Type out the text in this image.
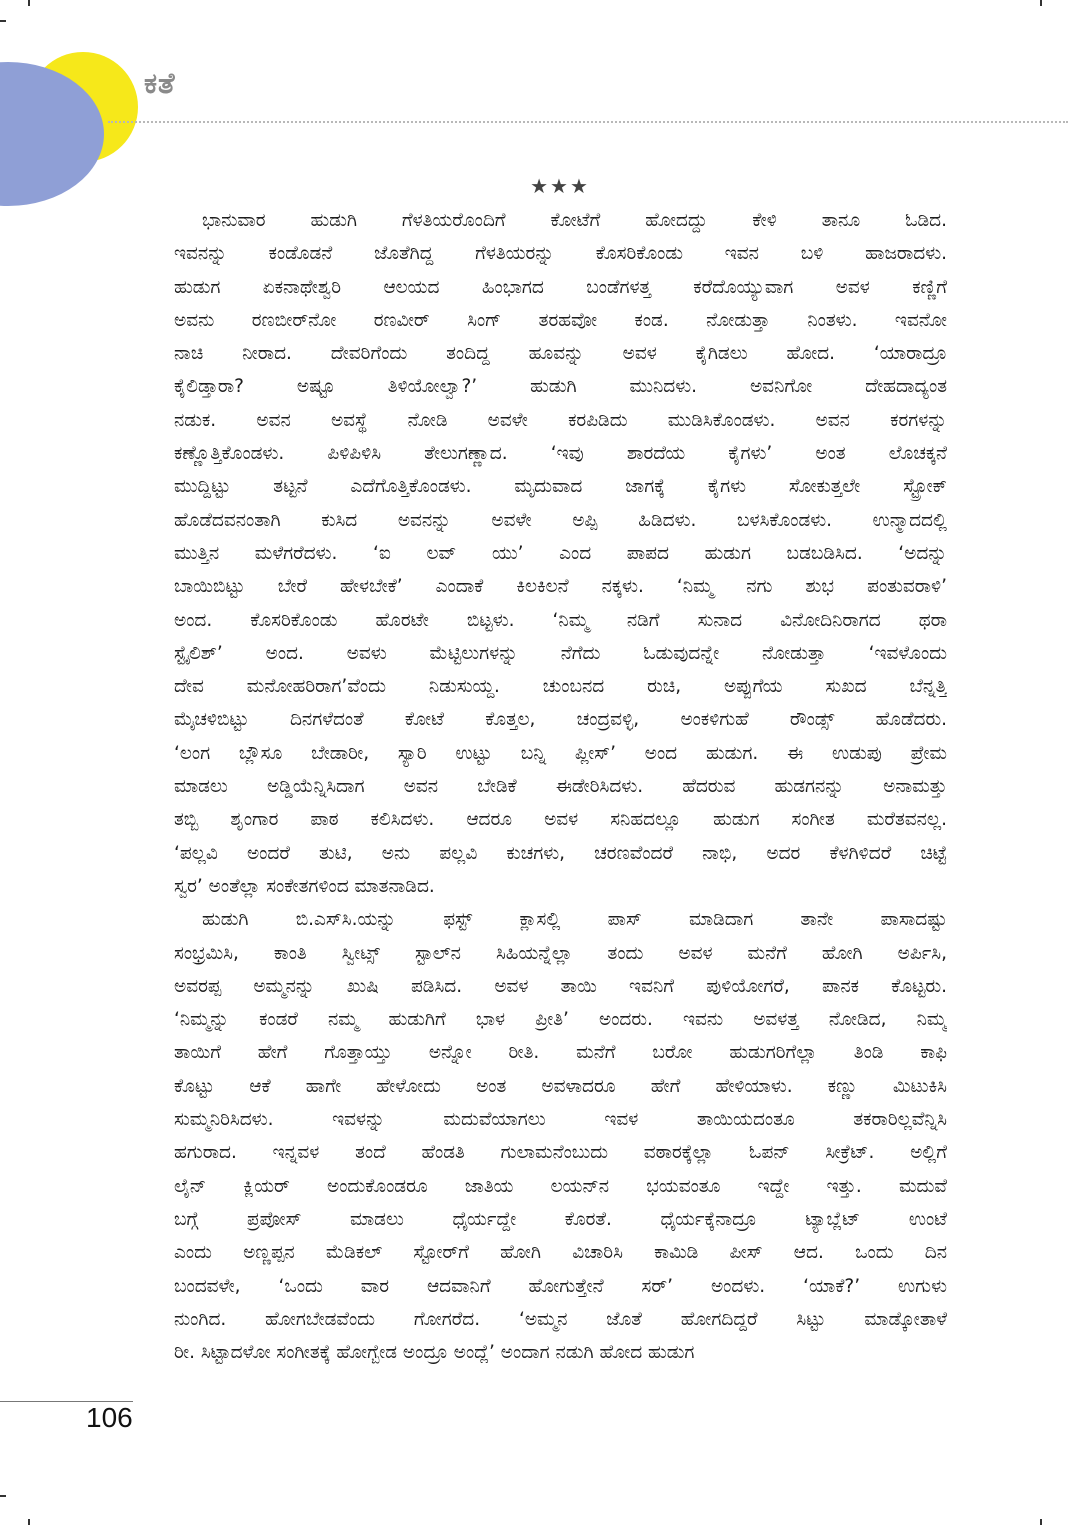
ಕತೆ
★★★
ಭಾನುವಾರ ಹುಡುಗಿ ಗೆಳತಿಯರೊಂದಿಗೆ ಕೋಟೆಗೆ ಹೋದದ್ದು ಕೇಳಿ ತಾನೂ ಓಡಿದ.
ಇವನನ್ನು ಕಂಡೊಡನೆ ಜೊತೆಗಿದ್ದ ಗೆಳತಿಯರನ್ನು ಕೊಸರಿಕೊಂಡು ಇವನ ಬಳಿ ಹಾಜರಾದಳು.
ಹುಡುಗ ಏಕನಾಥೇಶ್ವರಿ ಆಲಯದ ಹಿಂಭಾಗದ ಬಂಡೆಗಳತ್ತ ಕರೆದೊಯ್ಯುವಾಗ ಅವಳ ಕಣ್ಣಿಗೆ
ಅವನು ರಣಬೀರ್‌ನೋ ರಣವೀರ್ ಸಿಂಗ್ ತರಹವೋ ಕಂಡ. ನೋಡುತ್ತಾ ನಿಂತಳು. ಇವನೋ
ನಾಚಿ ನೀರಾದ. ದೇವರಿಗೆಂದು ತಂದಿದ್ದ ಹೂವನ್ನು ಅವಳ ಕೈಗಿಡಲು ಹೋದ. ‘ಯಾರಾದ್ರೂ
ಕೈಲಿಡ್ತಾರಾ? ಅಷ್ಟೂ ತಿಳಿಯೋಲ್ವಾ?’ ಹುಡುಗಿ ಮುನಿದಳು. ಅವನಿಗೋ ದೇಹದಾದ್ಯಂತ
ನಡುಕ. ಅವನ ಅವಸ್ಥೆ ನೋಡಿ ಅವಳೇ ಕರಪಿಡಿದು ಮುಡಿಸಿಕೊಂಡಳು. ಅವನ ಕರಗಳನ್ನು
ಕಣ್ಣೊತ್ತಿಕೊಂಡಳು. ಪಿಳಿಪಿಳಿಸಿ ತೇಲುಗಣ್ಣಾದ. ‘ಇವು ಶಾರದೆಯ ಕೈಗಳು’ ಅಂತ ಲೊಚಕ್ಕನೆ
ಮುದ್ದಿಟ್ಟು ತಟ್ಟನೆ ಎದೆಗೊತ್ತಿಕೊಂಡಳು. ಮೃದುವಾದ ಜಾಗಕ್ಕೆ ಕೈಗಳು ಸೋಕುತ್ತಲೇ ಸ್ಟ್ರೋಕ್
ಹೊಡೆದವನಂತಾಗಿ ಕುಸಿದ ಅವನನ್ನು ಅವಳೇ ಅಪ್ಪಿ ಹಿಡಿದಳು. ಬಳಸಿಕೊಂಡಳು. ಉನ್ಮಾದದಲ್ಲಿ
ಮುತ್ತಿನ ಮಳೆಗರೆದಳು. ‘ಐ ಲವ್ ಯು’ ಎಂದ ಪಾಪದ ಹುಡುಗ ಬಡಬಡಿಸಿದ. ‘ಅದನ್ನು
ಬಾಯಿಬಿಟ್ಟು ಬೇರೆ ಹೇಳಬೇಕೆ’ ಎಂದಾಕೆ ಕಿಲಕಿಲನೆ ನಕ್ಕಳು. ‘ನಿಮ್ಮ ನಗು ಶುಭ ಪಂತುವರಾಳಿ’
ಅಂದ. ಕೊಸರಿಕೊಂಡು ಹೊರಟೇ ಬಿಟ್ಟಳು. ‘ನಿಮ್ಮ ನಡಿಗೆ ಸುನಾದ ವಿನೋದಿನಿರಾಗದ ಥರಾ
ಸ್ಟೈಲಿಶ್’ ಅಂದ. ಅವಳು ಮೆಟ್ಟಿಲುಗಳನ್ನು ನೆಗೆದು ಓಡುವುದನ್ನೇ ನೋಡುತ್ತಾ ‘ಇವಳೊಂದು
ದೇವ ಮನೋಹರಿರಾಗ’ವೆಂದು ನಿಡುಸುಯ್ದ. ಚುಂಬನದ ರುಚಿ, ಅಪ್ಪುಗೆಯ ಸುಖದ ಬೆನ್ನತ್ತಿ
ಮೈಚಳಿಬಿಟ್ಟು ದಿನಗಳೆದಂತೆ ಕೋಟೆ ಕೊತ್ತಲ, ಚಂದ್ರವಳ್ಳಿ, ಅಂಕಳಿಗುಹೆ ರೌಂಡ್ಸ್ ಹೊಡೆದರು.
‘ಲಂಗ ಬ್ಲೌಸೂ ಬೇಡಾರೀ, ಸ್ಯಾರಿ ಉಟ್ಟು ಬನ್ನಿ ಪ್ಲೀಸ್’ ಅಂದ ಹುಡುಗ. ಈ ಉಡುಪು ಪ್ರೇಮ
ಮಾಡಲು ಅಡ್ಡಿಯೆನ್ನಿಸಿದಾಗ ಅವನ ಬೇಡಿಕೆ ಈಡೇರಿಸಿದಳು. ಹೆದರುವ ಹುಡಗನನ್ನು ಅನಾಮತ್ತು
ತಬ್ಬಿ ಶೃಂಗಾರ ಪಾಠ ಕಲಿಸಿದಳು. ಆದರೂ ಅವಳ ಸನಿಹದಲ್ಲೂ ಹುಡುಗ ಸಂಗೀತ ಮರೆತವನಲ್ಲ.
‘ಪಲ್ಲವಿ ಅಂದರೆ ತುಟಿ, ಅನು ಪಲ್ಲವಿ ಕುಚಗಳು, ಚರಣವೆಂದರೆ ನಾಭಿ, ಅದರ ಕೆಳಗಿಳಿದರೆ ಚಿಟ್ಟೆ
ಸ್ವರ’ ಅಂತೆಲ್ಲಾ ಸಂಕೇತಗಳಿಂದ ಮಾತನಾಡಿದ.
ಹುಡುಗಿ ಬಿ.ಎಸ್‌ಸಿ.ಯನ್ನು ಫಸ್ಟ್ ಕ್ಲಾಸಲ್ಲಿ ಪಾಸ್ ಮಾಡಿದಾಗ ತಾನೇ ಪಾಸಾದಷ್ಟು
ಸಂಭ್ರಮಿಸಿ, ಕಾಂತಿ ಸ್ವೀಟ್ಸ್ ಸ್ಟಾಲ್‌ನ ಸಿಹಿಯನ್ನೆಲ್ಲಾ ತಂದು ಅವಳ ಮನೆಗೆ ಹೋಗಿ ಅರ್ಪಿಸಿ,
ಅವರಪ್ಪ ಅಮ್ಮನನ್ನು ಖುಷಿ ಪಡಿಸಿದ. ಅವಳ ತಾಯಿ ಇವನಿಗೆ ಪುಳಿಯೋಗರೆ, ಪಾನಕ ಕೊಟ್ಟರು.
‘ನಿಮ್ಮನ್ನು ಕಂಡರೆ ನಮ್ಮ ಹುಡುಗಿಗೆ ಭಾಳ ಪ್ರೀತಿ’ ಅಂದರು. ಇವನು ಅವಳತ್ತ ನೋಡಿದ, ನಿಮ್ಮ
ತಾಯಿಗೆ ಹೇಗೆ ಗೊತ್ತಾಯ್ತು ಅನ್ನೋ ರೀತಿ. ಮನೆಗೆ ಬರೋ ಹುಡುಗರಿಗೆಲ್ಲಾ ತಿಂಡಿ ಕಾಫಿ
ಕೊಟ್ಟು ಆಕೆ ಹಾಗೇ ಹೇಳೋದು ಅಂತ ಅವಳಾದರೂ ಹೇಗೆ ಹೇಳಿಯಾಳು. ಕಣ್ಣು ಮಿಟುಕಿಸಿ
ಸುಮ್ಮನಿರಿಸಿದಳು. ಇವಳನ್ನು ಮದುವೆಯಾಗಲು ಇವಳ ತಾಯಿಯದಂತೂ ತಕರಾರಿಲ್ಲವೆನ್ನಿಸಿ
ಹಗುರಾದ. ಇನ್ನವಳ ತಂದೆ ಹೆಂಡತಿ ಗುಲಾಮನೆಂಬುದು ವಠಾರಕ್ಕೆಲ್ಲಾ ಓಪನ್ ಸೀಕ್ರೆಟ್. ಅಲ್ಲಿಗೆ
ಲೈನ್ ಕ್ಲಿಯರ್ ಅಂದುಕೊಂಡರೂ ಜಾತಿಯ ಲಯನ್‌ನ ಭಯವಂತೂ ಇದ್ದೇ ಇತ್ತು. ಮದುವೆ
ಬಗ್ಗೆ ಪ್ರಪೋಸ್ ಮಾಡಲು ಧೈರ್ಯದ್ದೇ ಕೊರತೆ. ಧೈರ್ಯಕ್ಕೆನಾದ್ರೂ ಟ್ಯಾಬ್ಲೆಟ್ ಉಂಟೆ
ಎಂದು ಅಣ್ಣಪ್ಪನ ಮೆಡಿಕಲ್ ಸ್ಟೋರ್‌ಗೆ ಹೋಗಿ ವಿಚಾರಿಸಿ ಕಾಮಿಡಿ ಪೀಸ್ ಆದ. ಒಂದು ದಿನ
ಬಂದವಳೇ, ‘ಒಂದು ವಾರ ಆದವಾನಿಗೆ ಹೋಗುತ್ತೇನೆ ಸರ್’ ಅಂದಳು. ‘ಯಾಕೆ?’ ಉಗುಳು
ನುಂಗಿದ. ಹೋಗಬೇಡವೆಂದು ಗೋಗರೆದ. ‘ಅಮ್ಮನ ಜೊತೆ ಹೋಗದಿದ್ದರೆ ಸಿಟ್ಟು ಮಾಡ್ಕೋತಾಳೆ
ರೀ. ಸಿಟ್ಟಾದಳೋ ಸಂಗೀತಕ್ಕೆ ಹೋಗ್ಬೇಡ ಅಂದ್ರೂ ಅಂದ್ಲೆ’ ಅಂದಾಗ ನಡುಗಿ ಹೋದ ಹುಡುಗ
106
